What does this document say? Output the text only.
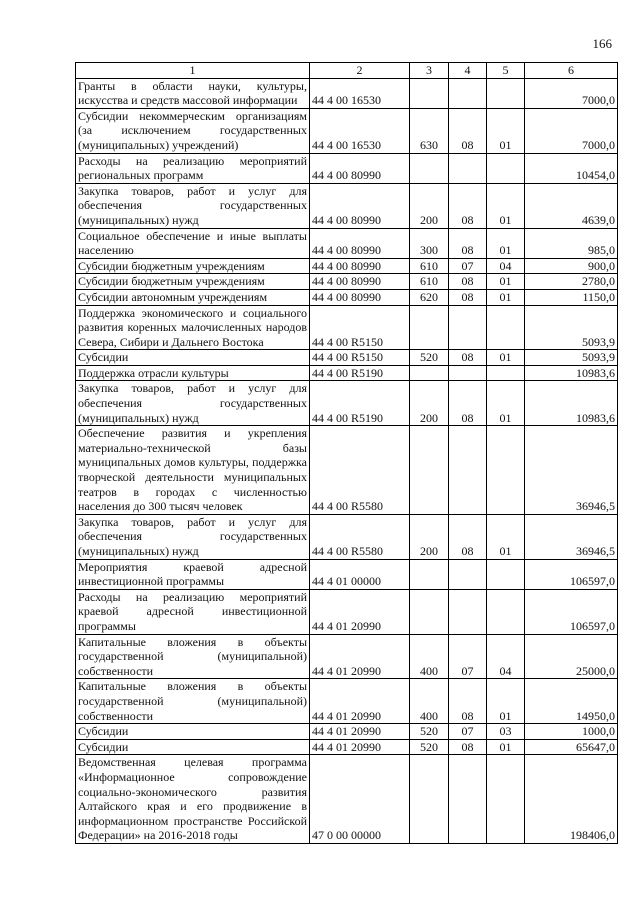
166
1	2	3	4	5	6
Гранты в области науки, культуры, искусства и средств массовой информации	44 4 00 16530				7000,0
Субсидии некоммерческим организациям (за исключением государственных (муниципальных) учреждений)	44 4 00 16530	630	08	01	7000,0
Расходы на реализацию мероприятий региональных программ	44 4 00 80990				10454,0
Закупка товаров, работ и услуг для обеспечения государственных (муниципальных) нужд	44 4 00 80990	200	08	01	4639,0
Социальное обеспечение и иные выплаты населению	44 4 00 80990	300	08	01	985,0
Субсидии бюджетным учреждениям	44 4 00 80990	610	07	04	900,0
Субсидии бюджетным учреждениям	44 4 00 80990	610	08	01	2780,0
Субсидии автономным учреждениям	44 4 00 80990	620	08	01	1150,0
Поддержка экономического и социального развития коренных малочисленных народов Севера, Сибири и Дальнего Востока	44 4 00 R5150				5093,9
Субсидии	44 4 00 R5150	520	08	01	5093,9
Поддержка отрасли культуры	44 4 00 R5190				10983,6
Закупка товаров, работ и услуг для обеспечения государственных (муниципальных) нужд	44 4 00 R5190	200	08	01	10983,6
Обеспечение развития и укрепления материально-технической базы муниципальных домов культуры, поддержка творческой деятельности муниципальных театров в городах с численностью населения до 300 тысяч человек	44 4 00 R5580				36946,5
Закупка товаров, работ и услуг для обеспечения государственных (муниципальных) нужд	44 4 00 R5580	200	08	01	36946,5
Мероприятия краевой адресной инвестиционной программы	44 4 01 00000				106597,0
Расходы на реализацию мероприятий краевой адресной инвестиционной программы	44 4 01 20990				106597,0
Капитальные вложения в объекты государственной (муниципальной) собственности	44 4 01 20990	400	07	04	25000,0
Капитальные вложения в объекты государственной (муниципальной) собственности	44 4 01 20990	400	08	01	14950,0
Субсидии	44 4 01 20990	520	07	03	1000,0
Субсидии	44 4 01 20990	520	08	01	65647,0
Ведомственная целевая программа «Информационное сопровождение социально-экономического развития Алтайского края и его продвижение в информационном пространстве Российской Федерации» на 2016-2018 годы	47 0 00 00000				198406,0
